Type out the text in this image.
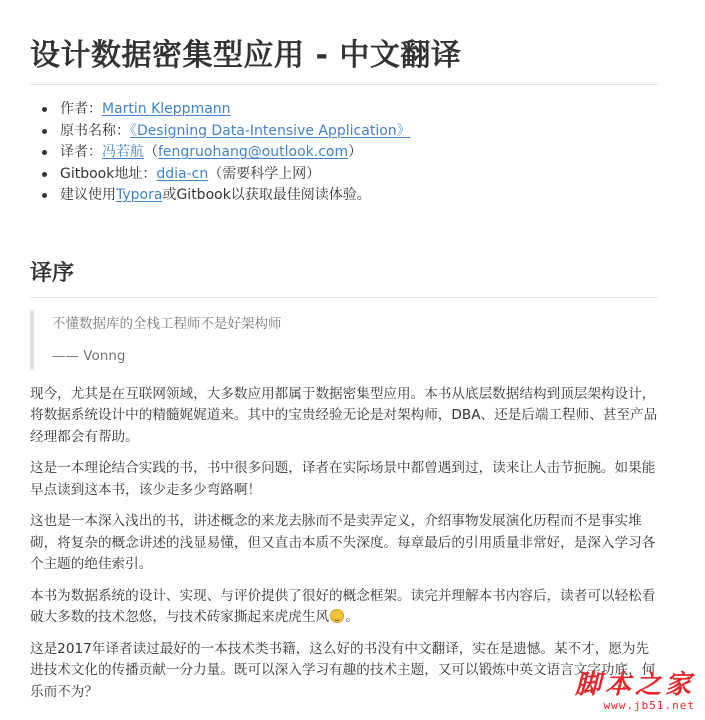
设计数据密集型应用 - 中文翻译
作者：Martin Kleppmann
原书名称：《Designing Data-Intensive Application》
译者：冯若航（fengruohang@outlook.com）
Gitbook地址：ddia-cn（需要科学上网）
建议使用Typora或Gitbook以获取最佳阅读体验。
译序

不懂数据库的全栈工程师不是好架构师

—— Vonng

现今，尤其是在互联网领域，大多数应用都属于数据密集型应用。本书从底层数据结构到顶层架构设计，将数据系统设计中的精髓娓娓道来。其中的宝贵经验无论是对架构师，DBA、还是后端工程师、甚至产品经理都会有帮助。

这是一本理论结合实践的书，书中很多问题，译者在实际场景中都曾遇到过，读来让人击节扼腕。如果能早点读到这本书，该少走多少弯路啊！

这也是一本深入浅出的书，讲述概念的来龙去脉而不是卖弄定义，介绍事物发展演化历程而不是事实堆砌，将复杂的概念讲述的浅显易懂，但又直击本质不失深度。每章最后的引用质量非常好，是深入学习各个主题的绝佳索引。

本书为数据系统的设计、实现、与评价提供了很好的概念框架。读完并理解本书内容后，读者可以轻松看破大多数的技术忽悠，与技术砖家撕起来虎虎生风 。

这是2017年译者读过最好的一本技术类书籍，这么好的书没有中文翻译，实在是遗憾。某不才，愿为先进技术文化的传播贡献一分力量。既可以深入学习有趣的技术主题，又可以锻炼中英文语言文字功底，何乐而不为？	脚本之家
www.jb51.net
